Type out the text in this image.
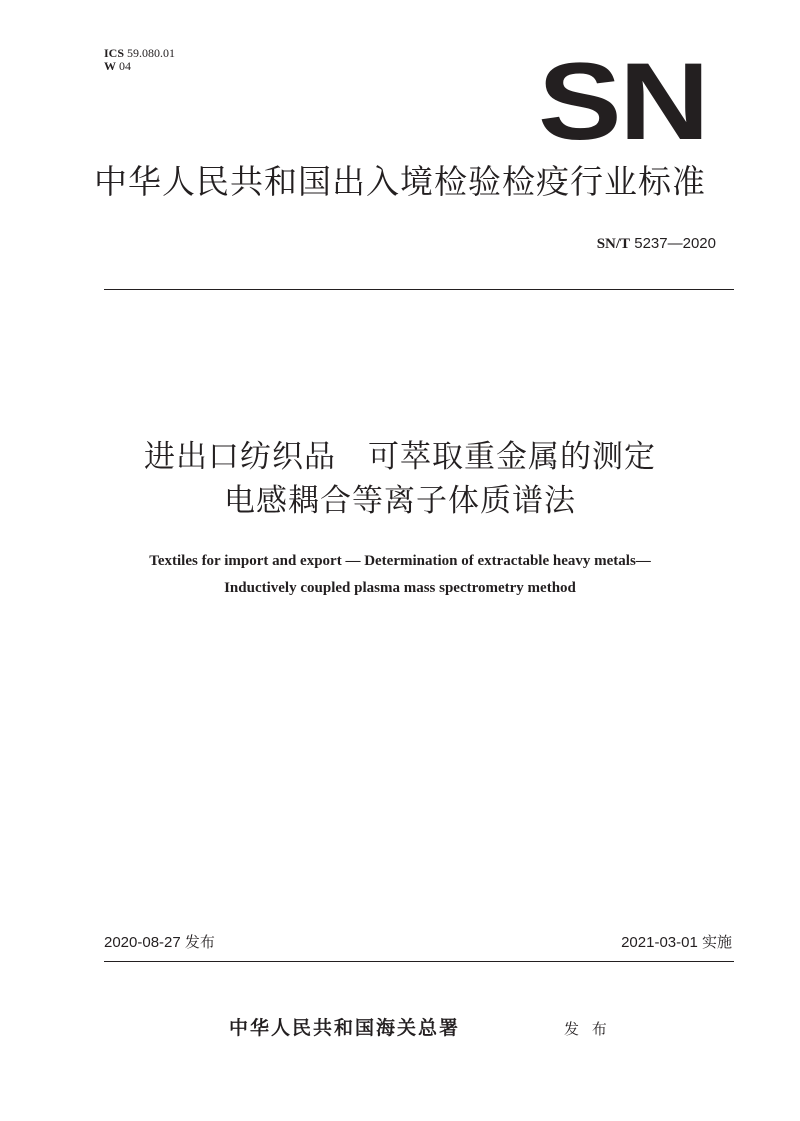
ICS 59.080.01
W 04	SN
中华人民共和国出入境检验检疫行业标准
SN/T 5237—2020
进出口纺织品　可萃取重金属的测定
电感耦合等离子体质谱法
Textiles for import and export — Determination of extractable heavy metals—
Inductively coupled plasma mass spectrometry method
2020-08-27 发布	2021-03-01 实施
中华人民共和国海关总署	发 布
